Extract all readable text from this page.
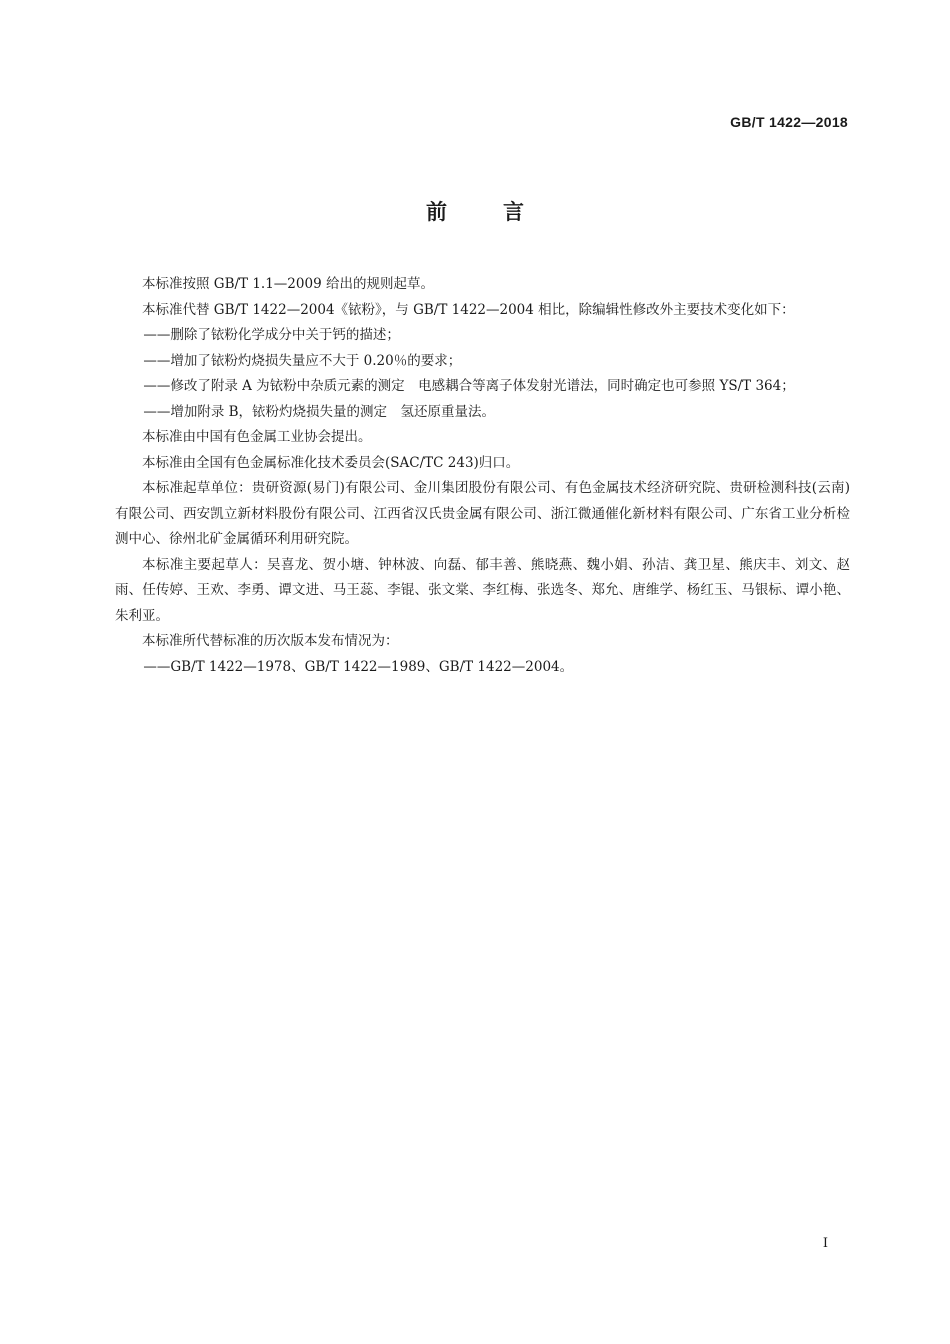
GB/T 1422—2018
前言

本标准按照 GB/T 1.1—2009 给出的规则起草。

本标准代替 GB/T 1422—2004《铱粉》，与 GB/T 1422—2004 相比，除编辑性修改外主要技术变化如下：

——删除了铱粉化学成分中关于钙的描述；

——增加了铱粉灼烧损失量应不大于 0.20％的要求；

——修改了附录 A 为铱粉中杂质元素的测定　电感耦合等离子体发射光谱法，同时确定也可参照 YS/T 364；

——增加附录 B，铱粉灼烧损失量的测定　氢还原重量法。

本标准由中国有色金属工业协会提出。

本标准由全国有色金属标准化技术委员会(SAC/TC 243)归口。

本标准起草单位：贵研资源(易门)有限公司、金川集团股份有限公司、有色金属技术经济研究院、贵研检测科技(云南)有限公司、西安凯立新材料股份有限公司、江西省汉氏贵金属有限公司、浙江微通催化新材料有限公司、广东省工业分析检测中心、徐州北矿金属循环利用研究院。

本标准主要起草人：吴喜龙、贺小塘、钟林波、向磊、郁丰善、熊晓燕、魏小娟、孙洁、龚卫星、熊庆丰、刘文、赵雨、任传婷、王欢、李勇、谭文进、马王蕊、李锟、张文棠、李红梅、张选冬、郑允、唐维学、杨红玉、马银标、谭小艳、朱利亚。

本标准所代替标准的历次版本发布情况为：

——GB/T 1422—1978、GB/T 1422—1989、GB/T 1422—2004。

I
